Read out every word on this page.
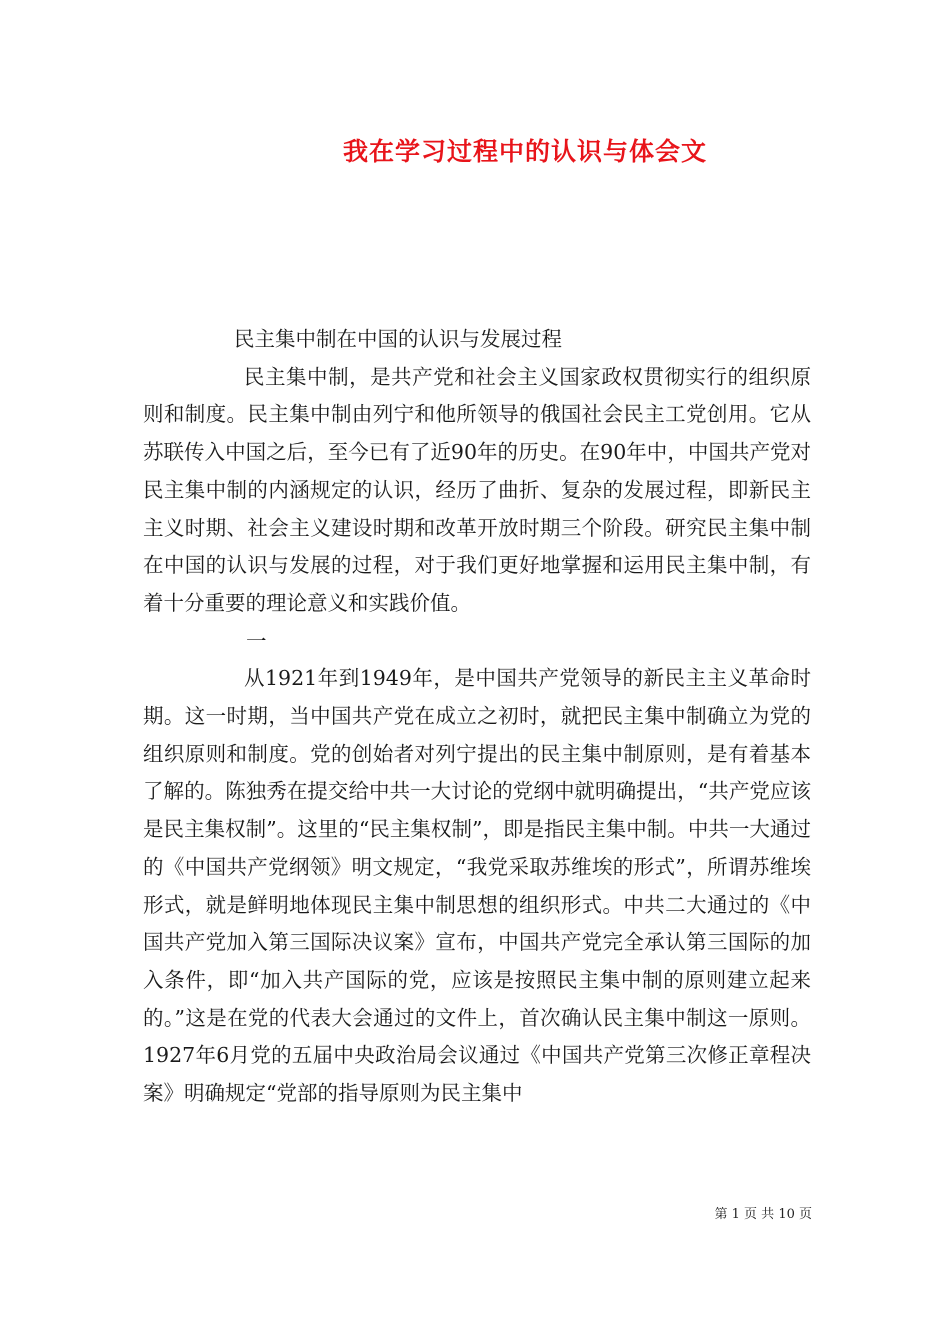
我在学习过程中的认识与体会文

民主集中制在中国的认识与发展过程

民主集中制，是共产党和社会主义国家政权贯彻实行的组织原则和制度。民主集中制由列宁和他所领导的俄国社会民主工党创用。它从苏联传入中国之后，至今已有了近90年的历史。在90年中，中国共产党对民主集中制的内涵规定的认识，经历了曲折、复杂的发展过程，即新民主主义时期、社会主义建设时期和改革开放时期三个阶段。研究民主集中制在中国的认识与发展的过程，对于我们更好地掌握和运用民主集中制，有着十分重要的理论意义和实践价值。

一

从1921年到1949年，是中国共产党领导的新民主主义革命时期。这一时期，当中国共产党在成立之初时，就把民主集中制确立为党的组织原则和制度。党的创始者对列宁提出的民主集中制原则，是有着基本了解的。陈独秀在提交给中共一大讨论的党纲中就明确提出，“共产党应该是民主集权制”。这里的“民主集权制”，即是指民主集中制。中共一大通过的《中国共产党纲领》明文规定，“我党采取苏维埃的形式”，所谓苏维埃形式，就是鲜明地体现民主集中制思想的组织形式。中共二大通过的《中国共产党加入第三国际决议案》宣布，中国共产党完全承认第三国际的加入条件，即“加入共产国际的党，应该是按照民主集中制的原则建立起来的。”这是在党的代表大会通过的文件上，首次确认民主集中制这一原则。1927年6月党的五届中央政治局会议通过《中国共产党第三次修正章程决案》明确规定“党部的指导原则为民主集中

第 1 页 共 10 页
